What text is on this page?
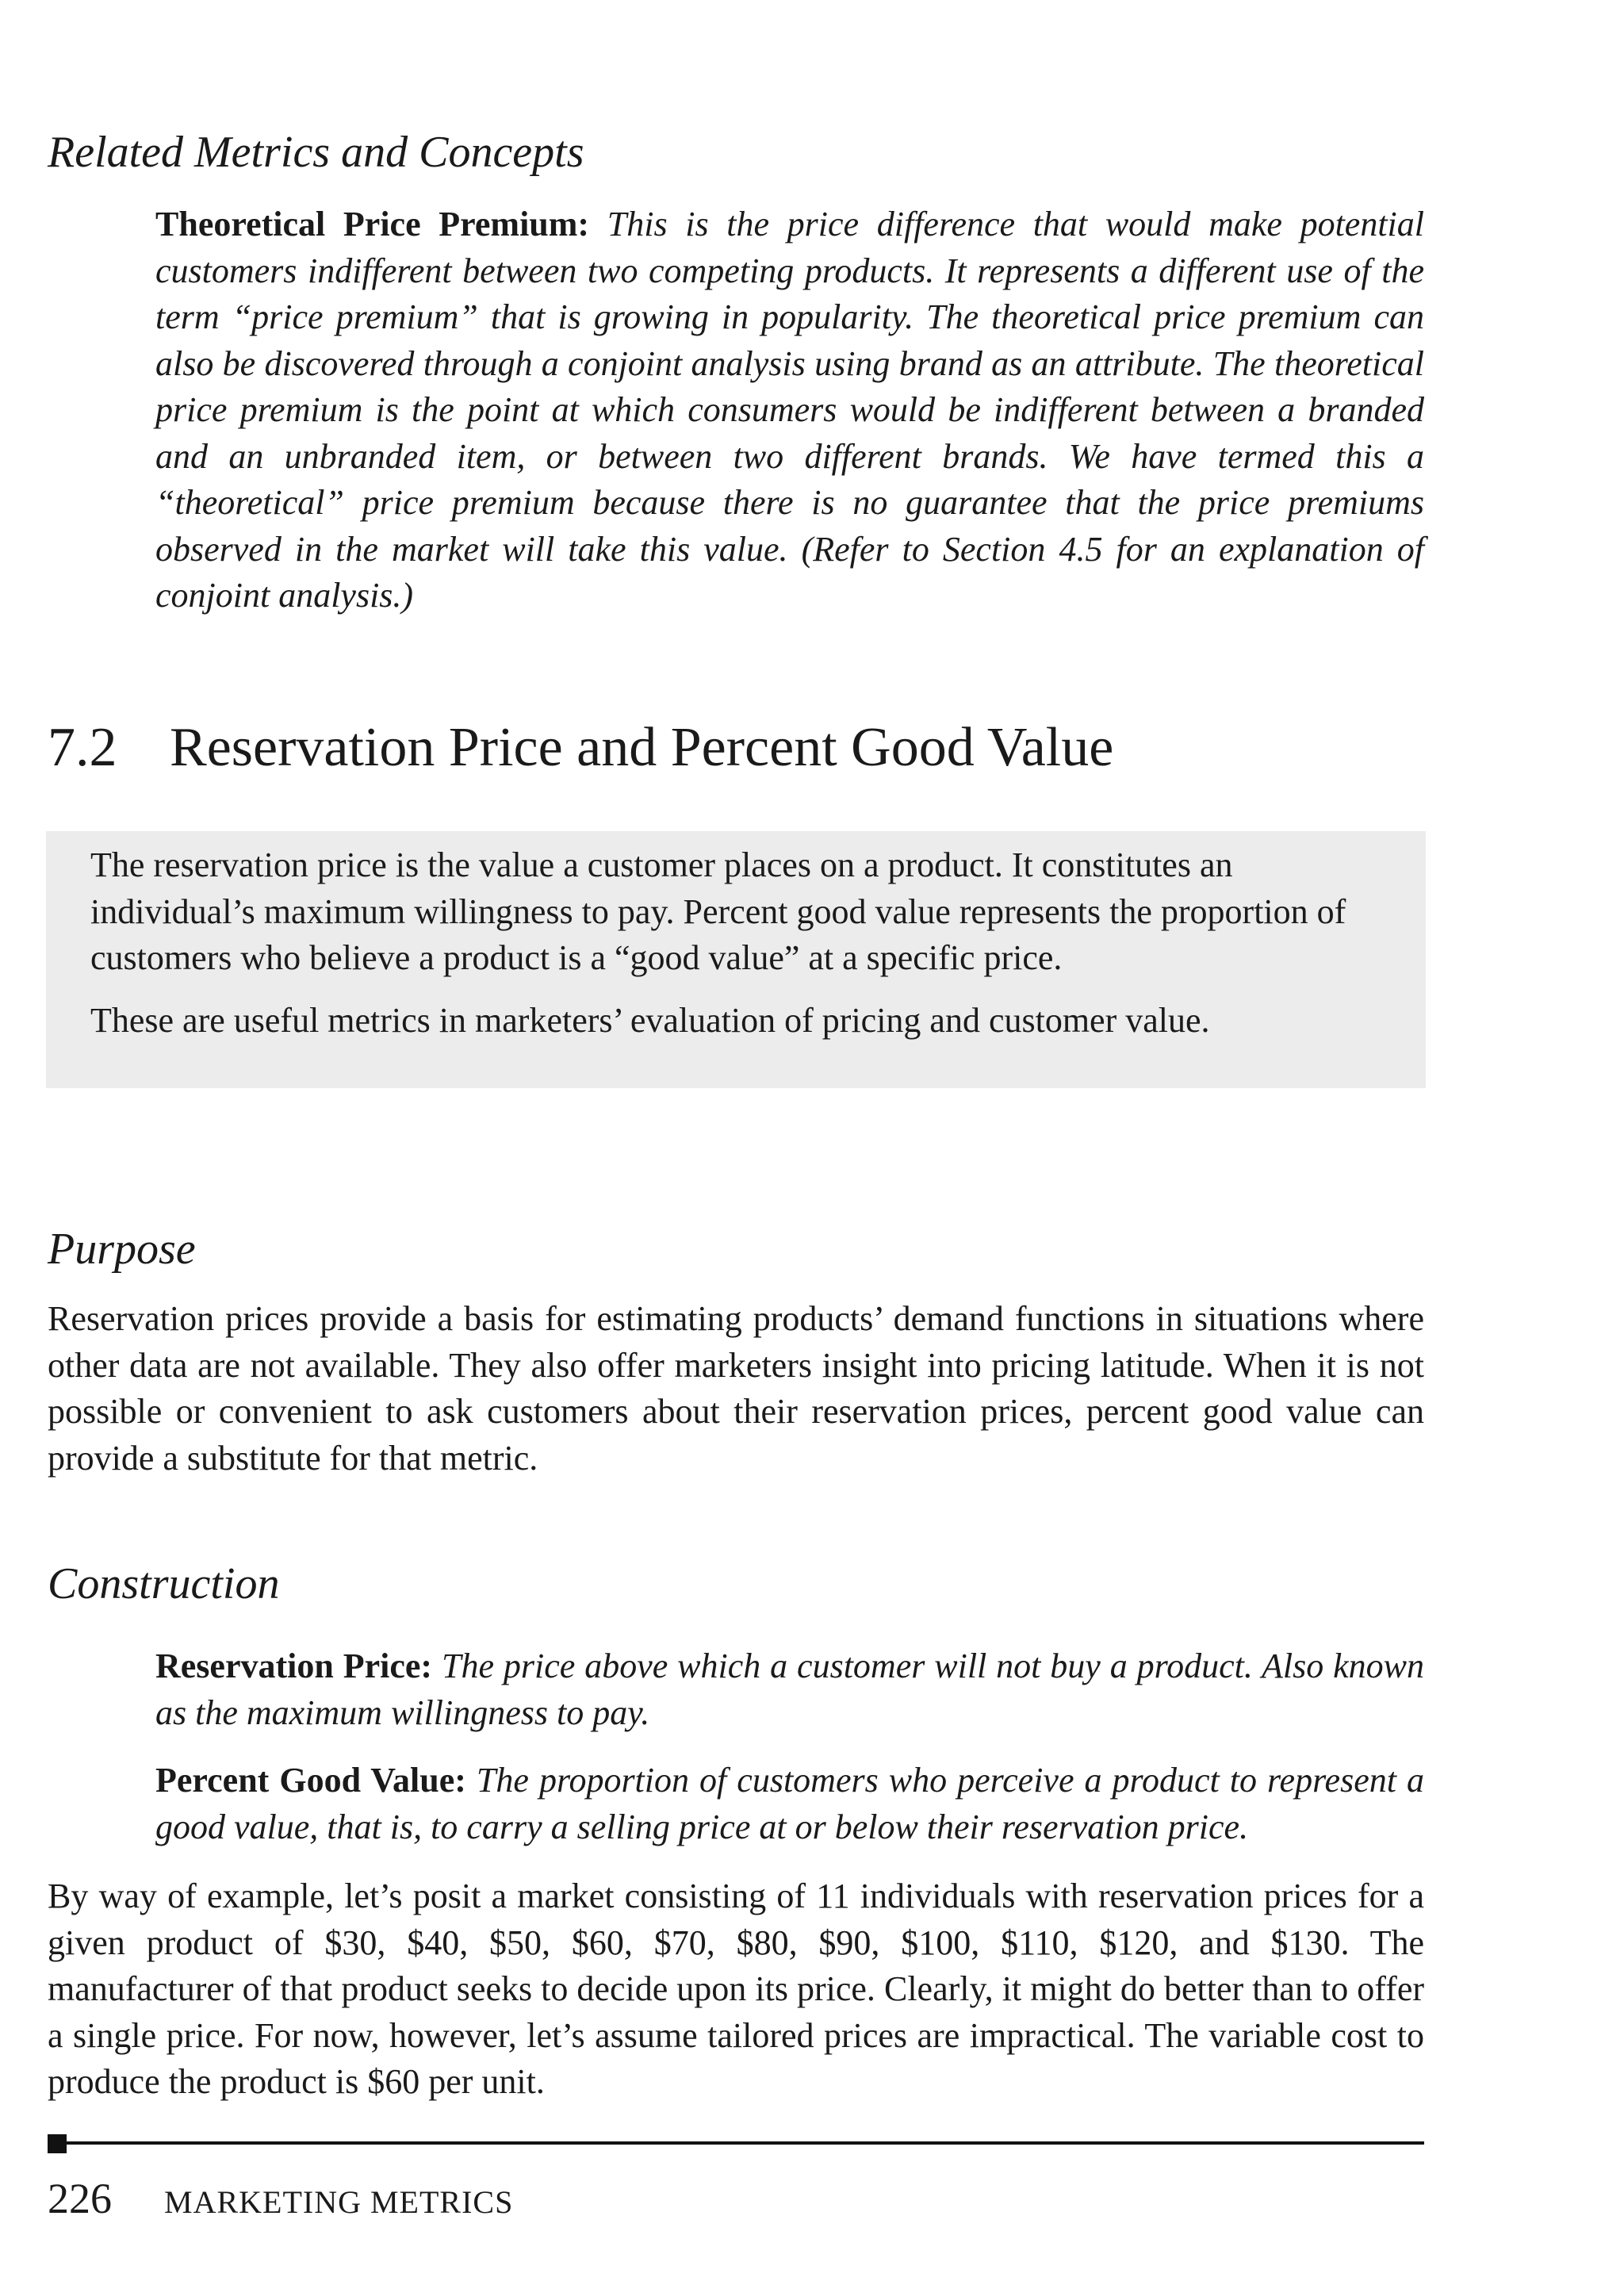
Related Metrics and Concepts

Theoretical Price Premium: This is the price difference that would make potential customers indifferent between two competing products. It represents a different use of the term “price premium” that is growing in popularity. The theoretical price premium can also be discovered through a conjoint analysis using brand as an attribute. The theoretical price premium is the point at which consumers would be indifferent between a branded and an unbranded item, or between two different brands. We have termed this a “theoretical” price premium because there is no guarantee that the price premiums observed in the market will take this value. (Refer to Section 4.5 for an explanation of conjoint analysis.)

7.2 Reservation Price and Percent Good Value

The reservation price is the value a customer places on a product. It constitutes an individual’s maximum willingness to pay. Percent good value represents the proportion of customers who believe a product is a “good value” at a specific price.

These are useful metrics in marketers’ evaluation of pricing and customer value.

Purpose

Reservation prices provide a basis for estimating products’ demand functions in situations where other data are not available. They also offer marketers insight into pricing latitude. When it is not possible or convenient to ask customers about their reservation prices, percent good value can provide a substitute for that metric.

Construction

Reservation Price: The price above which a customer will not buy a product. Also known as the maximum willingness to pay.

Percent Good Value: The proportion of customers who perceive a product to represent a good value, that is, to carry a selling price at or below their reservation price.

By way of example, let’s posit a market consisting of 11 individuals with reservation prices for a given product of $30, $40, $50, $60, $70, $80, $90, $100, $110, $120, and $130. The manufacturer of that product seeks to decide upon its price. Clearly, it might do better than to offer a single price. For now, however, let’s assume tailored prices are impractical. The variable cost to produce the product is $60 per unit.

226 MARKETING METRICS
